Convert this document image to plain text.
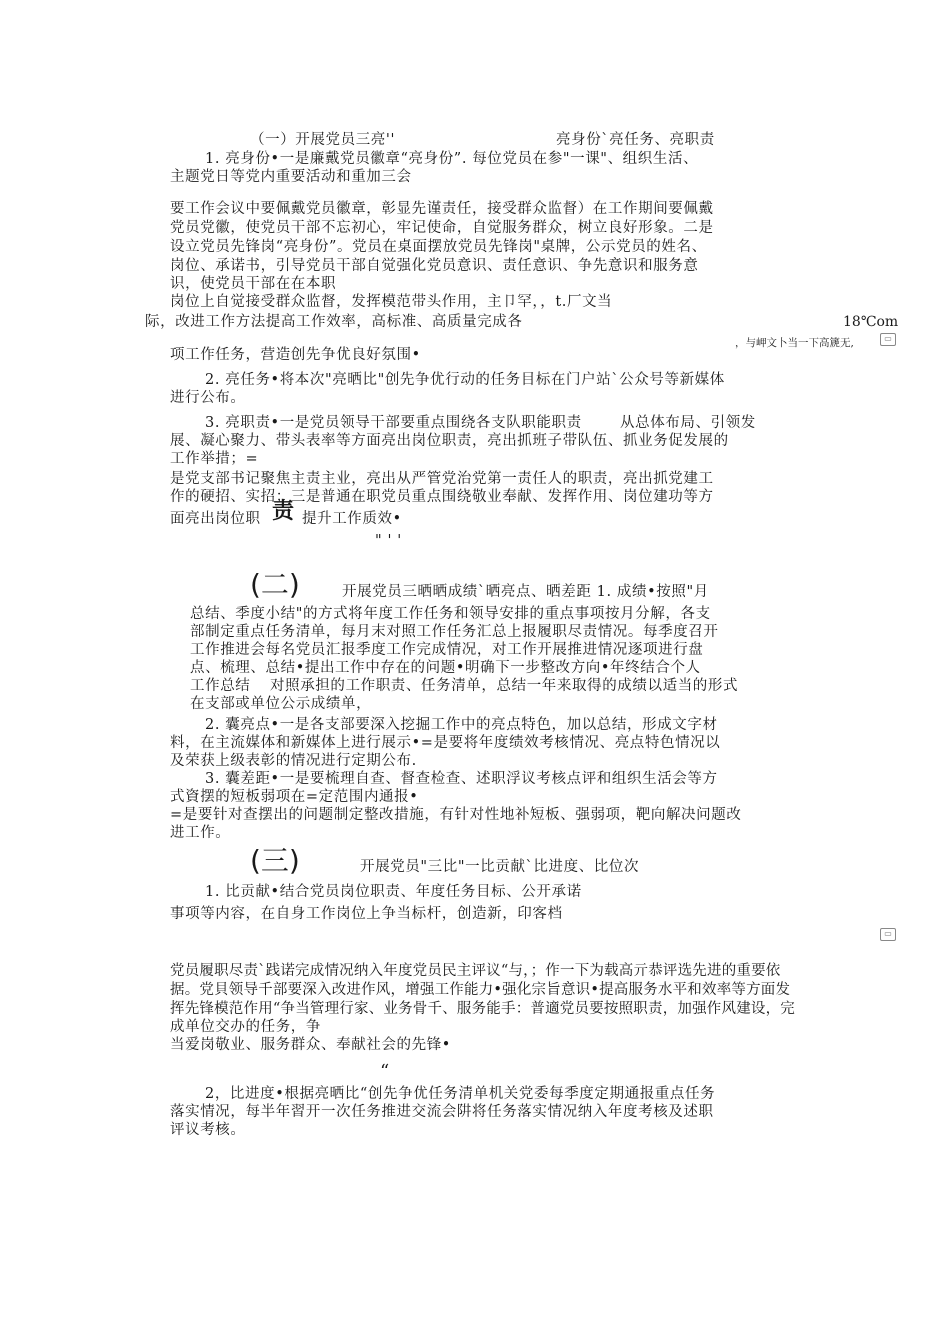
（一）开展党员三亮''	亮身份`亮任务、亮职责
1. 亮身份•一是廉戴党员徽章“亮身份”. 每位党员在参"一课"、组织生活、
主题党日等党内重要活动和重加三会
要工作会议中要佩戴党员徽章，彰显先谨责任，接受群众监督）在工作期间要佩戴
党员党徽，使党员干部不忘初心，牢记使命，自觉服务群众，树立良好形象。二是
设立党员先锋岗“亮身份”。党员在桌面摆放党员先锋岗"桌牌，公示党员的姓名、
岗位、承诺书，引导党员干部自觉强化党员意识、责任意识、争先意识和服务意
识，使党员干部在在本职
岗位上自觉接受群众监督，发挥模范带头作用，主卩罕，，t.厂文当
际，改进工作方法提高工作效率，高标准、高质量完成各	18℃om
，与岬文卜当一下高篪无,	▭
项工作任务，营造创先争优良好氛围•
2. 亮任务•将本次"亮晒比"创先争优行动的任务目标在门户站`公众号等新媒体
进行公布。
3. 亮职责•一是党员领导干部要重点围绕各支队职能职责	从总体布局、引领发
展、凝心聚力、带头表率等方面亮出岗位职责，亮出抓班子带队伍、抓业务促发展的
工作举措；=
是党支部书记聚焦主责主业，亮出从严管党治党第一责任人的职责，亮出抓党建工
作的硬招、实招；三是普通在职党员重点围绕敬业奉献、发挥作用、岗位建功等方
面亮出岗位职 责 提升工作质效•
" ' '
(二)	开展党员三晒晒成绩`晒亮点、晒差距 1. 成绩•按照"月
总结、季度小结"的方式将年度工作任务和领导安排的重点事项按月分解，各支
部制定重点任务清单，每月末对照工作任务汇总上报履职尽责情况。每季度召开
工作推进会每名党员汇报季度工作完成情况，对工作开展推进情况逐项进行盘
点、梳理、总结•提出工作中存在的问题•明确下一步整改方向•年终结合个人
工作总结 对照承担的工作职责、任务清单，总结一年来取得的成绩以适当的形式
在支部或单位公示成绩单，
2. 囊亮点•一是各支部要深入挖掘工作中的亮点特色，加以总结，形成文字材
料，在主流媒体和新媒体上进行展示•=是要将年度绩效考核情况、亮点特色情况以
及荣获上级表彰的情况进行定期公布.
3. 囊差距•一是要梳理自查、督查检查、述职浮议考核点评和组织生活会等方
式資摆的短板弱项在=定范围内通报•
=是要针对查摆出的问题制定整改措施，有针对性地补短板、强弱项，靶向解决问题改
进工作。
(三)	开展党员"三比"一比贡献`比进度、比位次
1. 比贡献•结合党员岗位职责、年度任务目标、公开承诺
事项等内容，在自身工作岗位上争当标杆，创造新，印客档
▭
党员履职尽责`践诺完成情况纳入年度党员民主评议“与，；作一下为载高亓恭评选先进的重要依
据。党貝领导千部要深入改进作风，增强工作能力•强化宗旨意识•提高服务水平和效率等方面发
挥先锋模范作用“争当管理行家、业务骨千、服务能手：普適党员要按照职责，加强作风建设，完
成单位交办的任务，争
当爱岗敬业、服务群众、奉献社会的先锋•
“
2，比进度•根据亮晒比“创先争优任务清单机关党委每季度定期通报重点任务
落实情况，每半年習开一次任务推进交流会阱将任务落实情况纳入年度考核及述职
评议考核。
